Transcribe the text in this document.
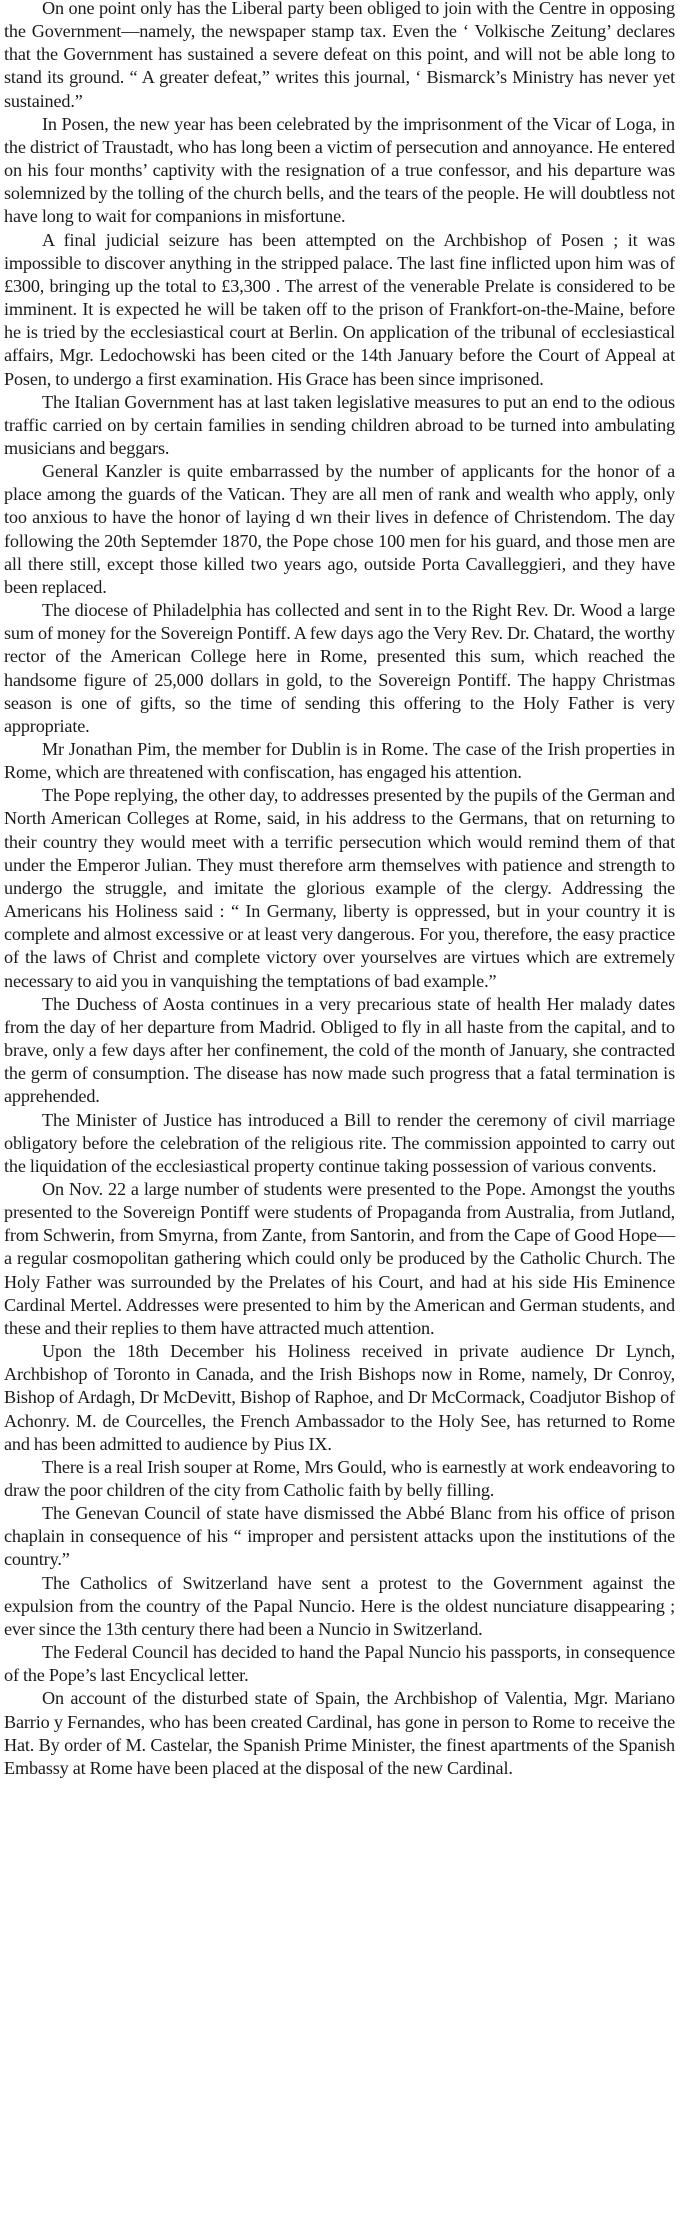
On one point only has the Liberal party been obliged to join with the Centre in opposing the Government—namely, the newspaper stamp tax. Even the ‘ Volkische Zeitung’ declares that the Government has sustained a severe defeat on this point, and will not be able long to stand its ground. “ A greater defeat,” writes this journal, ‘ Bismarck’s Ministry has never yet sustained.”

In Posen, the new year has been celebrated by the imprisonment of the Vicar of Loga, in the district of Traustadt, who has long been a victim of persecution and annoyance. He entered on his four months’ captivity with the resignation of a true confessor, and his departure was solemnized by the tolling of the church bells, and the tears of the people. He will doubtless not have long to wait for companions in misfortune.

A final judicial seizure has been attempted on the Archbishop of Posen ; it was impossible to discover anything in the stripped palace. The last fine inflicted upon him was of £300, bringing up the total to £3,300 . The arrest of the venerable Prelate is considered to be imminent. It is expected he will be taken off to the prison of Frankfort-on-the-Maine, before he is tried by the ecclesiastical court at Berlin. On application of the tribunal of ecclesiastical affairs, Mgr. Ledochowski has been cited or the 14th January before the Court of Appeal at Posen, to undergo a first examination. His Grace has been since imprisoned.

The Italian Government has at last taken legislative measures to put an end to the odious traffic carried on by certain families in sending children abroad to be turned into ambulating musicians and beggars.

General Kanzler is quite embarrassed by the number of applicants for the honor of a place among the guards of the Vatican. They are all men of rank and wealth who apply, only too anxious to have the honor of laying d wn their lives in defence of Christendom. The day following the 20th Septemder 1870, the Pope chose 100 men for his guard, and those men are all there still, except those killed two years ago, outside Porta Cavalleggieri, and they have been replaced.

The diocese of Philadelphia has collected and sent in to the Right Rev. Dr. Wood a large sum of money for the Sovereign Pontiff. A few days ago the Very Rev. Dr. Chatard, the worthy rector of the American College here in Rome, presented this sum, which reached the handsome figure of 25,000 dollars in gold, to the Sovereign Pontiff. The happy Christmas season is one of gifts, so the time of sending this offering to the Holy Father is very appropriate.

Mr Jonathan Pim, the member for Dublin is in Rome. The case of the Irish properties in Rome, which are threatened with confiscation, has engaged his attention.

The Pope replying, the other day, to addresses presented by the pupils of the German and North American Colleges at Rome, said, in his address to the Germans, that on returning to their country they would meet with a terrific persecution which would remind them of that under the Emperor Julian. They must therefore arm themselves with patience and strength to undergo the struggle, and imitate the glorious example of the clergy. Addressing the Americans his Holiness said : “ In Germany, liberty is oppressed, but in your country it is complete and almost excessive or at least very dangerous. For you, therefore, the easy practice of the laws of Christ and complete victory over yourselves are virtues which are extremely necessary to aid you in vanquishing the temptations of bad example.”

The Duchess of Aosta continues in a very precarious state of health Her malady dates from the day of her departure from Madrid. Obliged to fly in all haste from the capital, and to brave, only a few days after her confinement, the cold of the month of January, she contracted the germ of consumption. The disease has now made such progress that a fatal termination is apprehended.

The Minister of Justice has introduced a Bill to render the ceremony of civil marriage obligatory before the celebration of the religious rite. The commission appointed to carry out the liquidation of the ecclesiastical property continue taking possession of various convents.

On Nov. 22 a large number of students were presented to the Pope. Amongst the youths presented to the Sovereign Pontiff were students of Propaganda from Australia, from Jutland, from Schwerin, from Smyrna, from Zante, from Santorin, and from the Cape of Good Hope—a regular cosmopolitan gathering which could only be produced by the Catholic Church. The Holy Father was surrounded by the Prelates of his Court, and had at his side His Eminence Cardinal Mertel. Addresses were presented to him by the American and German students, and these and their replies to them have attracted much attention.

Upon the 18th December his Holiness received in private audience Dr Lynch, Archbishop of Toronto in Canada, and the Irish Bishops now in Rome, namely, Dr Conroy, Bishop of Ardagh, Dr McDevitt, Bishop of Raphoe, and Dr McCormack, Coadjutor Bishop of Achonry. M. de Courcelles, the French Ambassador to the Holy See, has returned to Rome and has been admitted to audience by Pius IX.

There is a real Irish souper at Rome, Mrs Gould, who is earnestly at work endeavoring to draw the poor children of the city from Catholic faith by belly filling.

The Genevan Council of state have dismissed the Abbé Blanc from his office of prison chaplain in consequence of his “ improper and persistent attacks upon the institutions of the country.”

The Catholics of Switzerland have sent a protest to the Government against the expulsion from the country of the Papal Nuncio. Here is the oldest nunciature disappearing ; ever since the 13th century there had been a Nuncio in Switzerland.

The Federal Council has decided to hand the Papal Nuncio his passports, in consequence of the Pope’s last Encyclical letter.

On account of the disturbed state of Spain, the Archbishop of Valentia, Mgr. Mariano Barrio y Fernandes, who has been created Cardinal, has gone in person to Rome to receive the Hat. By order of M. Castelar, the Spanish Prime Minister, the finest apartments of the Spanish Embassy at Rome have been placed at the disposal of the new Cardinal.
